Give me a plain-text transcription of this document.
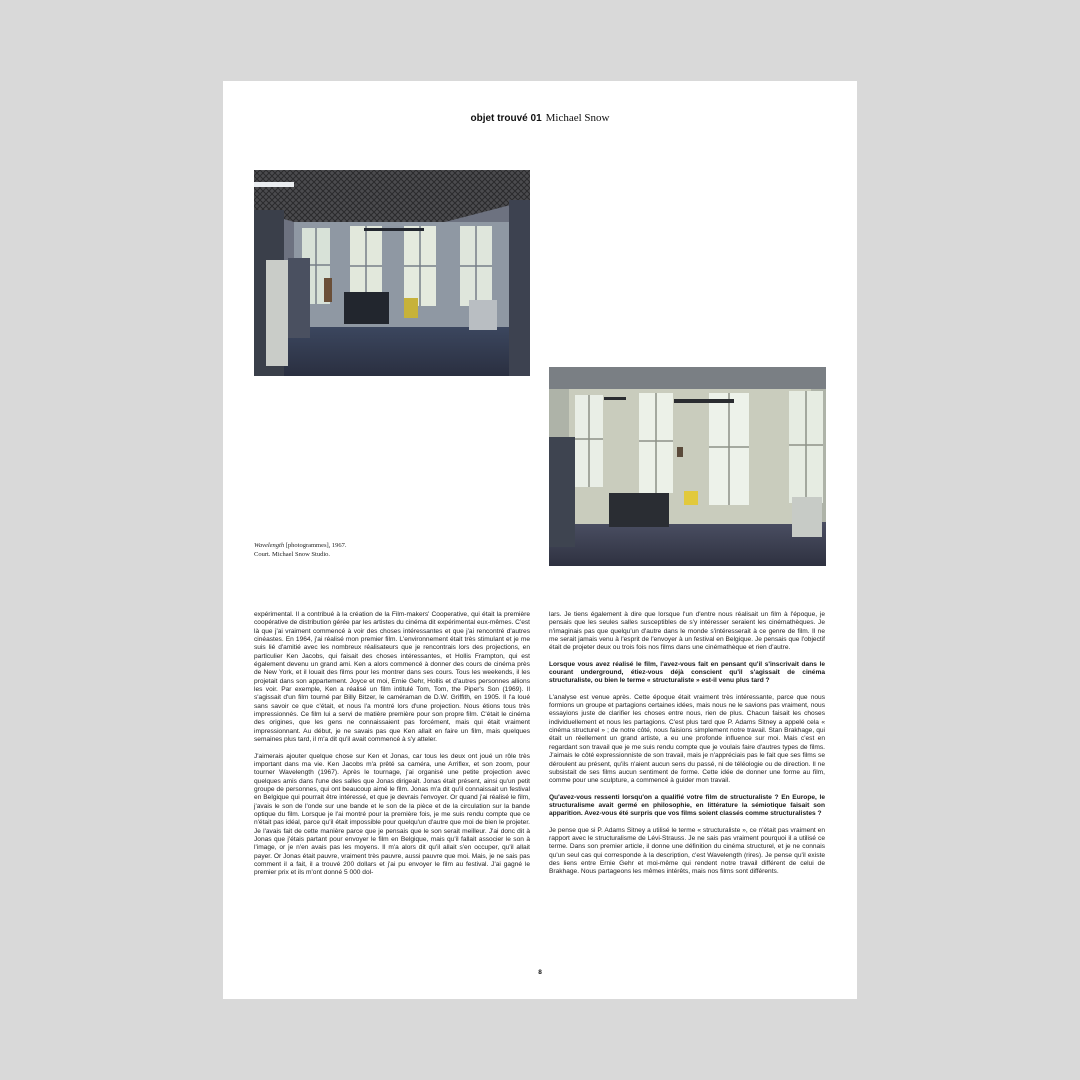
objet trouvé 01 Michael Snow
Wavelength [photogrammes], 1967.
Court. Michael Snow Studio.

expérimental. Il a contribué à la création de la Film-makers' Cooperative, qui était la première coopérative de distribution gérée par les artistes du cinéma dit expérimental eux-mêmes. C'est là que j'ai vraiment commencé à voir des choses intéressantes et que j'ai rencontré d'autres cinéastes. En 1964, j'ai réalisé mon premier film. L'environnement était très stimulant et je me suis lié d'amitié avec les nombreux réalisateurs que je rencontrais lors des projections, en particulier Ken Jacobs, qui faisait des choses intéressantes, et Hollis Frampton, qui est également devenu un grand ami. Ken a alors commencé à donner des cours de cinéma près de New York, et il louait des films pour les montrer dans ses cours. Tous les weekends, il les projetait dans son appartement. Joyce et moi, Ernie Gehr, Hollis et d'autres personnes allions les voir. Par exemple, Ken a réalisé un film intitulé Tom, Tom, the Piper's Son (1969). Il s'agissait d'un film tourné par Billy Bitzer, le caméraman de D.W. Griffith, en 1905. Il l'a loué sans savoir ce que c'était, et nous l'a montré lors d'une projection. Nous étions tous très impressionnés. Ce film lui a servi de matière première pour son propre film. C'était le cinéma des origines, que les gens ne connaissaient pas forcément, mais qui était vraiment impressionnant. Au début, je ne savais pas que Ken allait en faire un film, mais quelques semaines plus tard, il m'a dit qu'il avait commencé à s'y atteler.

J'aimerais ajouter quelque chose sur Ken et Jonas, car tous les deux ont joué un rôle très important dans ma vie. Ken Jacobs m'a prêté sa caméra, une Arriflex, et son zoom, pour tourner Wavelength (1967). Après le tournage, j'ai organisé une petite projection avec quelques amis dans l'une des salles que Jonas dirigeait. Jonas était présent, ainsi qu'un petit groupe de personnes, qui ont beaucoup aimé le film. Jonas m'a dit qu'il connaissait un festival en Belgique qui pourrait être intéressé, et que je devrais l'envoyer. Or quand j'ai réalisé le film, j'avais le son de l'onde sur une bande et le son de la pièce et de la circulation sur la bande optique du film. Lorsque je l'ai montré pour la première fois, je me suis rendu compte que ce n'était pas idéal, parce qu'il était impossible pour quelqu'un d'autre que moi de bien le projeter. Je l'avais fait de cette manière parce que je pensais que le son serait meilleur. J'ai donc dit à Jonas que j'étais partant pour envoyer le film en Belgique, mais qu'il fallait associer le son à l'image, or je n'en avais pas les moyens. Il m'a alors dit qu'il allait s'en occuper, qu'il allait payer. Or Jonas était pauvre, vraiment très pauvre, aussi pauvre que moi. Mais, je ne sais pas comment il a fait, il a trouvé 200 dollars et j'ai pu envoyer le film au festival. J'ai gagné le premier prix et ils m'ont donné 5 000 dol-

lars. Je tiens également à dire que lorsque l'un d'entre nous réalisait un film à l'époque, je pensais que les seules salles susceptibles de s'y intéresser seraient les cinémathèques. Je n'imaginais pas que quelqu'un d'autre dans le monde s'intéresserait à ce genre de film. Il ne me serait jamais venu à l'esprit de l'envoyer à un festival en Belgique. Je pensais que l'objectif était de projeter deux ou trois fois nos films dans une cinémathèque et rien d'autre.

Lorsque vous avez réalisé le film, l'avez-vous fait en pensant qu'il s'inscrivait dans le courant underground, étiez-vous déjà conscient qu'il s'agissait de cinéma structuraliste, ou bien le terme « structuraliste » est-il venu plus tard ?

L'analyse est venue après. Cette époque était vraiment très intéressante, parce que nous formions un groupe et partagions certaines idées, mais nous ne le savions pas vraiment, nous essayions juste de clarifier les choses entre nous, rien de plus. Chacun faisait les choses individuellement et nous les partagions. C'est plus tard que P. Adams Sitney a appelé cela « cinéma structurel » ; de notre côté, nous faisions simplement notre travail. Stan Brakhage, qui était un réellement un grand artiste, a eu une profonde influence sur moi. Mais c'est en regardant son travail que je me suis rendu compte que je voulais faire d'autres types de films. J'aimais le côté expressionniste de son travail, mais je n'appréciais pas le fait que ses films se déroulent au présent, qu'ils n'aient aucun sens du passé, ni de téléologie ou de direction. Il ne subsistait de ses films aucun sentiment de forme. Cette idée de donner une forme au film, comme pour une sculpture, a commencé à guider mon travail.

Qu'avez-vous ressenti lorsqu'on a qualifié votre film de structuraliste ? En Europe, le structuralisme avait germé en philosophie, en littérature la sémiotique faisait son apparition. Avez-vous été surpris que vos films soient classés comme structuralistes ?

Je pense que si P. Adams Sitney a utilisé le terme « structuraliste », ce n'était pas vraiment en rapport avec le structuralisme de Lévi-Strauss. Je ne sais pas vraiment pourquoi il a utilisé ce terme. Dans son premier article, il donne une définition du cinéma structurel, et je ne connais qu'un seul cas qui corresponde à la description, c'est Wavelength (rires). Je pense qu'il existe des liens entre Ernie Gehr et moi-même qui rendent notre travail différent de celui de Brakhage. Nous partageons les mêmes intérêts, mais nos films sont différents.

8
